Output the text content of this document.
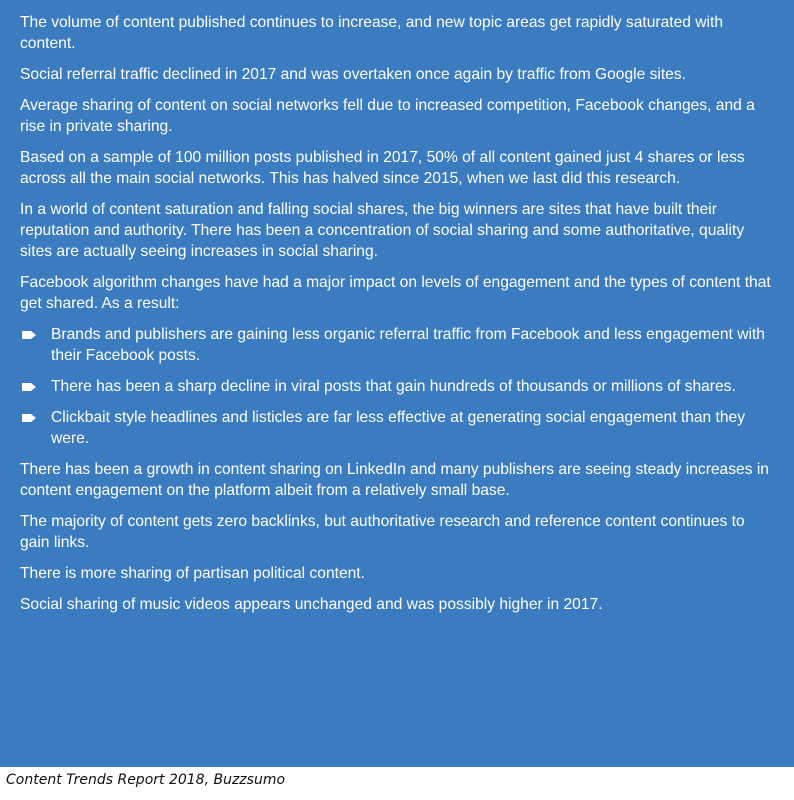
The volume of content published continues to increase, and new topic areas get rapidly saturated with content.

Social referral traffic declined in 2017 and was overtaken once again by traffic from Google sites.

Average sharing of content on social networks fell due to increased competition, Facebook changes, and a rise in private sharing.

Based on a sample of 100 million posts published in 2017, 50% of all content gained just 4 shares or less across all the main social networks. This has halved since 2015, when we last did this research.

In a world of content saturation and falling social shares, the big winners are sites that have built their reputation and authority. There has been a concentration of social sharing and some authoritative, quality sites are actually seeing increases in social sharing.

Facebook algorithm changes have had a major impact on levels of engagement and the types of content that get shared. As a result:

Brands and publishers are gaining less organic referral traffic from Facebook and less engagement with their Facebook posts.
There has been a sharp decline in viral posts that gain hundreds of thousands or millions of shares.
Clickbait style headlines and listicles are far less effective at generating social engagement than they were.

There has been a growth in content sharing on LinkedIn and many publishers are seeing steady increases in content engagement on the platform albeit from a relatively small base.

The majority of content gets zero backlinks, but authoritative research and reference content continues to gain links.

There is more sharing of partisan political content.

Social sharing of music videos appears unchanged and was possibly higher in 2017.

Content Trends Report 2018, Buzzsumo
